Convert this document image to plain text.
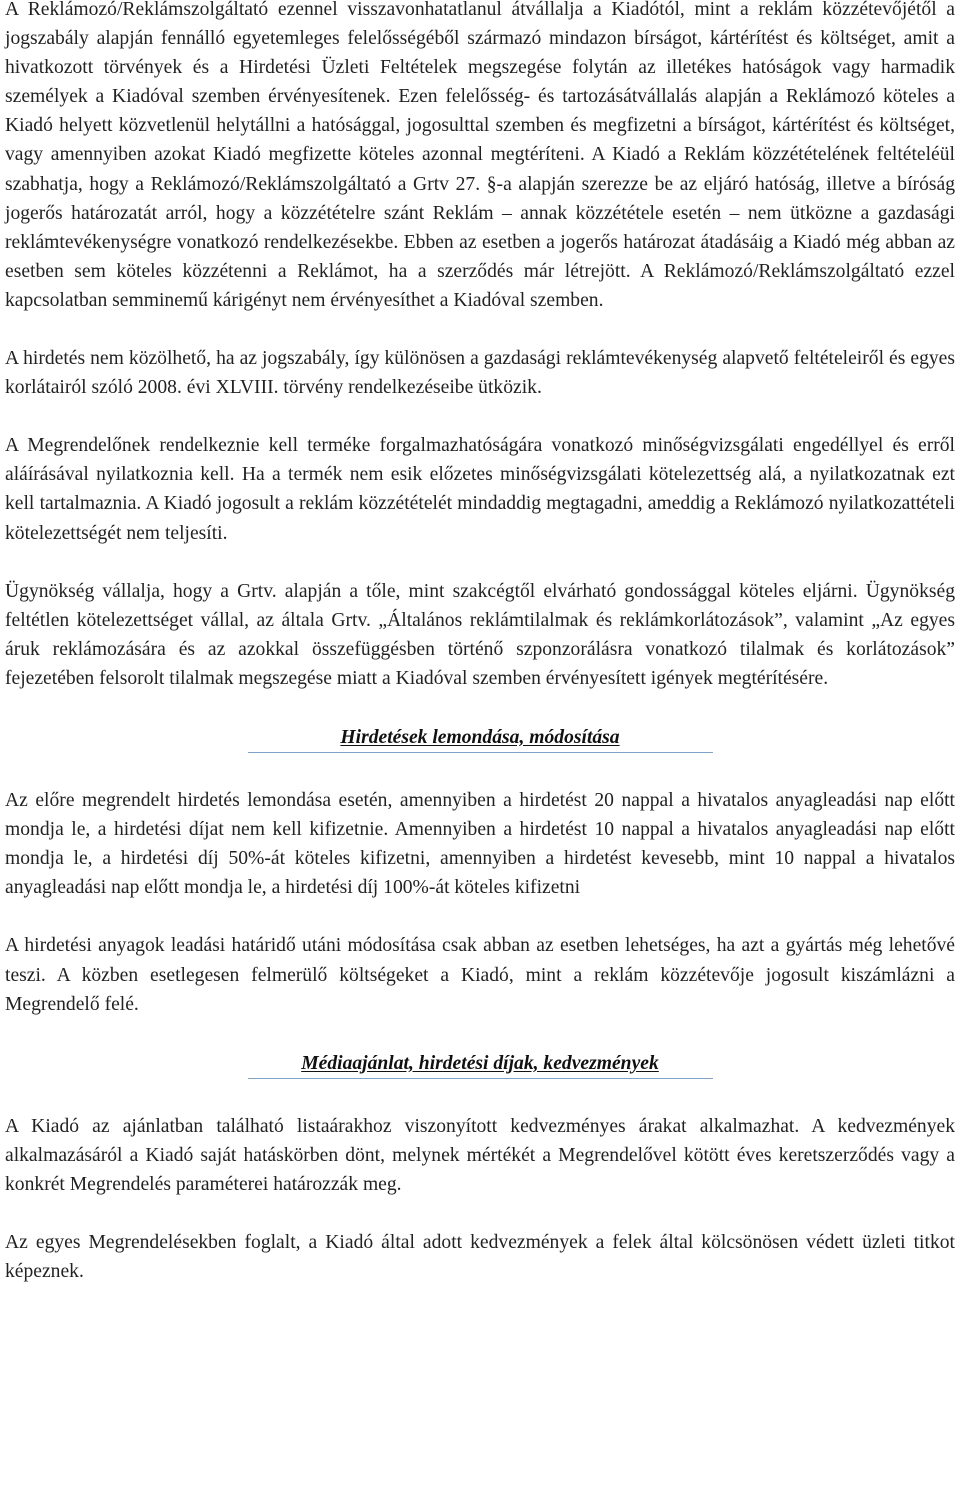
A Reklámozó/Reklámszolgáltató ezennel visszavonhatatlanul átvállalja a Kiadótól, mint a reklám közzétevőjétől a jogszabály alapján fennálló egyetemleges felelősségéből származó mindazon bírságot, kártérítést és költséget, amit a hivatkozott törvények és a Hirdetési Üzleti Feltételek megszegése folytán az illetékes hatóságok vagy harmadik személyek a Kiadóval szemben érvényesítenek. Ezen felelősség- és tartozásátvállalás alapján a Reklámozó köteles a Kiadó helyett közvetlenül helytállni a hatósággal, jogosulttal szemben és megfizetni a bírságot, kártérítést és költséget, vagy amennyiben azokat Kiadó megfizette köteles azonnal megtéríteni. A Kiadó a Reklám közzétételének feltételéül szabhatja, hogy a Reklámozó/Reklámszolgáltató a Grtv 27. §-a alapján szerezze be az eljáró hatóság, illetve a bíróság jogerős határozatát arról, hogy a közzétételre szánt Reklám – annak közzététele esetén – nem ütközne a gazdasági reklámtevékenységre vonatkozó rendelkezésekbe. Ebben az esetben a jogerős határozat átadásáig a Kiadó még abban az esetben sem köteles közzétenni a Reklámot, ha a szerződés már létrejött. A Reklámozó/Reklámszolgáltató ezzel kapcsolatban semminemű kárigényt nem érvényesíthet a Kiadóval szemben.

A hirdetés nem közölhető, ha az jogszabály, így különösen a gazdasági reklámtevékenység alapvető feltételeiről és egyes korlátairól szóló 2008. évi XLVIII. törvény rendelkezéseibe ütközik.

A Megrendelőnek rendelkeznie kell terméke forgalmazhatóságára vonatkozó minőségvizsgálati engedéllyel és erről aláírásával nyilatkoznia kell. Ha a termék nem esik előzetes minőségvizsgálati kötelezettség alá, a nyilatkozatnak ezt kell tartalmaznia. A Kiadó jogosult a reklám közzétételét mindaddig megtagadni, ameddig a Reklámozó nyilatkozattételi kötelezettségét nem teljesíti.

Ügynökség vállalja, hogy a Grtv. alapján a tőle, mint szakcégtől elvárható gondossággal köteles eljárni. Ügynökség feltétlen kötelezettséget vállal, az általa Grtv. „Általános reklámtilalmak és reklámkorlátozások”, valamint „Az egyes áruk reklámozására és az azokkal összefüggésben történő szponzorálásra vonatkozó tilalmak és korlátozások” fejezetében felsorolt tilalmak megszegése miatt a Kiadóval szemben érvényesített igények megtérítésére.

Hirdetések lemondása, módosítása

Az előre megrendelt hirdetés lemondása esetén, amennyiben a hirdetést 20 nappal a hivatalos anyagleadási nap előtt mondja le, a hirdetési díjat nem kell kifizetnie. Amennyiben a hirdetést 10 nappal a hivatalos anyagleadási nap előtt mondja le, a hirdetési díj 50%-át köteles kifizetni, amennyiben a hirdetést kevesebb, mint 10 nappal a hivatalos anyagleadási nap előtt mondja le, a hirdetési díj 100%-át köteles kifizetni

A hirdetési anyagok leadási határidő utáni módosítása csak abban az esetben lehetséges, ha azt a gyártás még lehetővé teszi. A közben esetlegesen felmerülő költségeket a Kiadó, mint a reklám közzétevője jogosult kiszámlázni a Megrendelő felé.

Médiaajánlat, hirdetési díjak, kedvezmények

A Kiadó az ajánlatban található listaárakhoz viszonyított kedvezményes árakat alkalmazhat. A kedvezmények alkalmazásáról a Kiadó saját hatáskörben dönt, melynek mértékét a Megrendelővel kötött éves keretszerződés vagy a konkrét Megrendelés paraméterei határozzák meg.

Az egyes Megrendelésekben foglalt, a Kiadó által adott kedvezmények a felek által kölcsönösen védett üzleti titkot képeznek.
